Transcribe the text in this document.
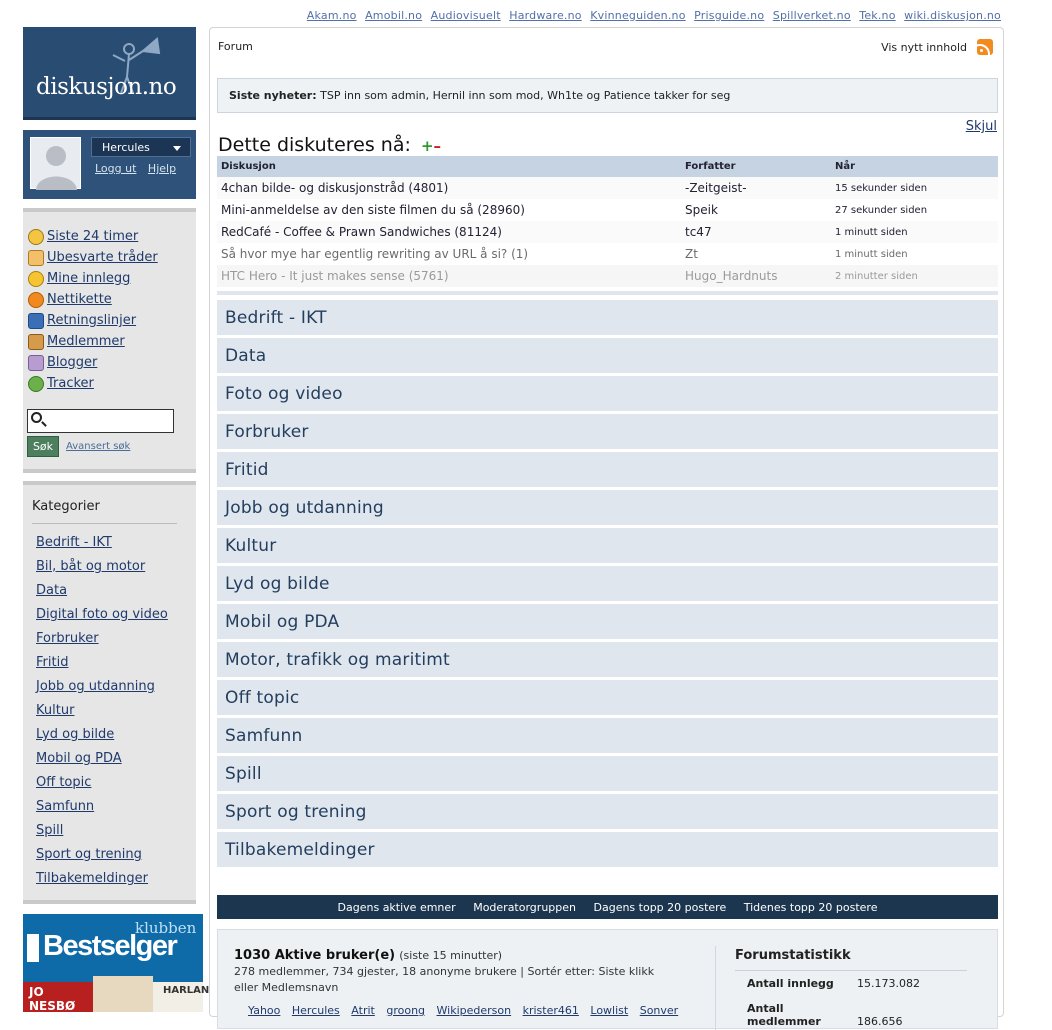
Akam.no Amobil.no Audiovisuelt Hardware.no Kvinneguiden.no Prisguide.no Spillverket.no Tek.no wiki.diskusjon.no
diskusjon.no
Hercules
Logg ut Hjelp
Siste 24 timer
Ubesvarte tråder
Mine innlegg
Nettikette
Retningslinjer
Medlemmer
Blogger
Tracker
Søk	Avansert søk
Kategorier
Bedrift - IKT
Bil, båt og motor
Data
Digital foto og video
Forbruker
Fritid
Jobb og utdanning
Kultur
Lyd og bilde
Mobil og PDA
Off topic
Samfunn
Spill
Sport og trening
Tilbakemeldinger
klubben
Bestselger
JO NESBØ
HARLAN
Forum	Vis nytt innhold
Siste nyheter: TSP inn som admin, Hernil inn som mod, Wh1te og Patience takker for seg
Skjul
Dette diskuteres nå: +–
Diskusjon	Forfatter	Når
4chan bilde- og diskusjonstråd (4801)	-Zeitgeist-	15 sekunder siden
Mini-anmeldelse av den siste filmen du så (28960)	Speik	27 sekunder siden
RedCafé - Coffee & Prawn Sandwiches (81124)	tc47	1 minutt siden
Så hvor mye har egentlig rewriting av URL å si? (1)	Zt	1 minutt siden
HTC Hero - It just makes sense (5761)	Hugo_Hardnuts	2 minutter siden
Bedrift - IKT
Data
Foto og video
Forbruker
Fritid
Jobb og utdanning
Kultur
Lyd og bilde
Mobil og PDA
Motor, trafikk og maritimt
Off topic
Samfunn
Spill
Sport og trening
Tilbakemeldinger
Dagens aktive emner Moderatorgruppen Dagens topp 20 postere Tidenes topp 20 postere
1030 Aktive bruker(e) (siste 15 minutter)
278 medlemmer, 734 gjester, 18 anonyme brukere | Sortér etter: Siste klikk eller Medlemsnavn
Yahoo Hercules Atrit groong Wikipederson krister461 Lowlist Sonver
Forumstatistikk
Antall innlegg 15.173.082
Antall medlemmer	186.656
